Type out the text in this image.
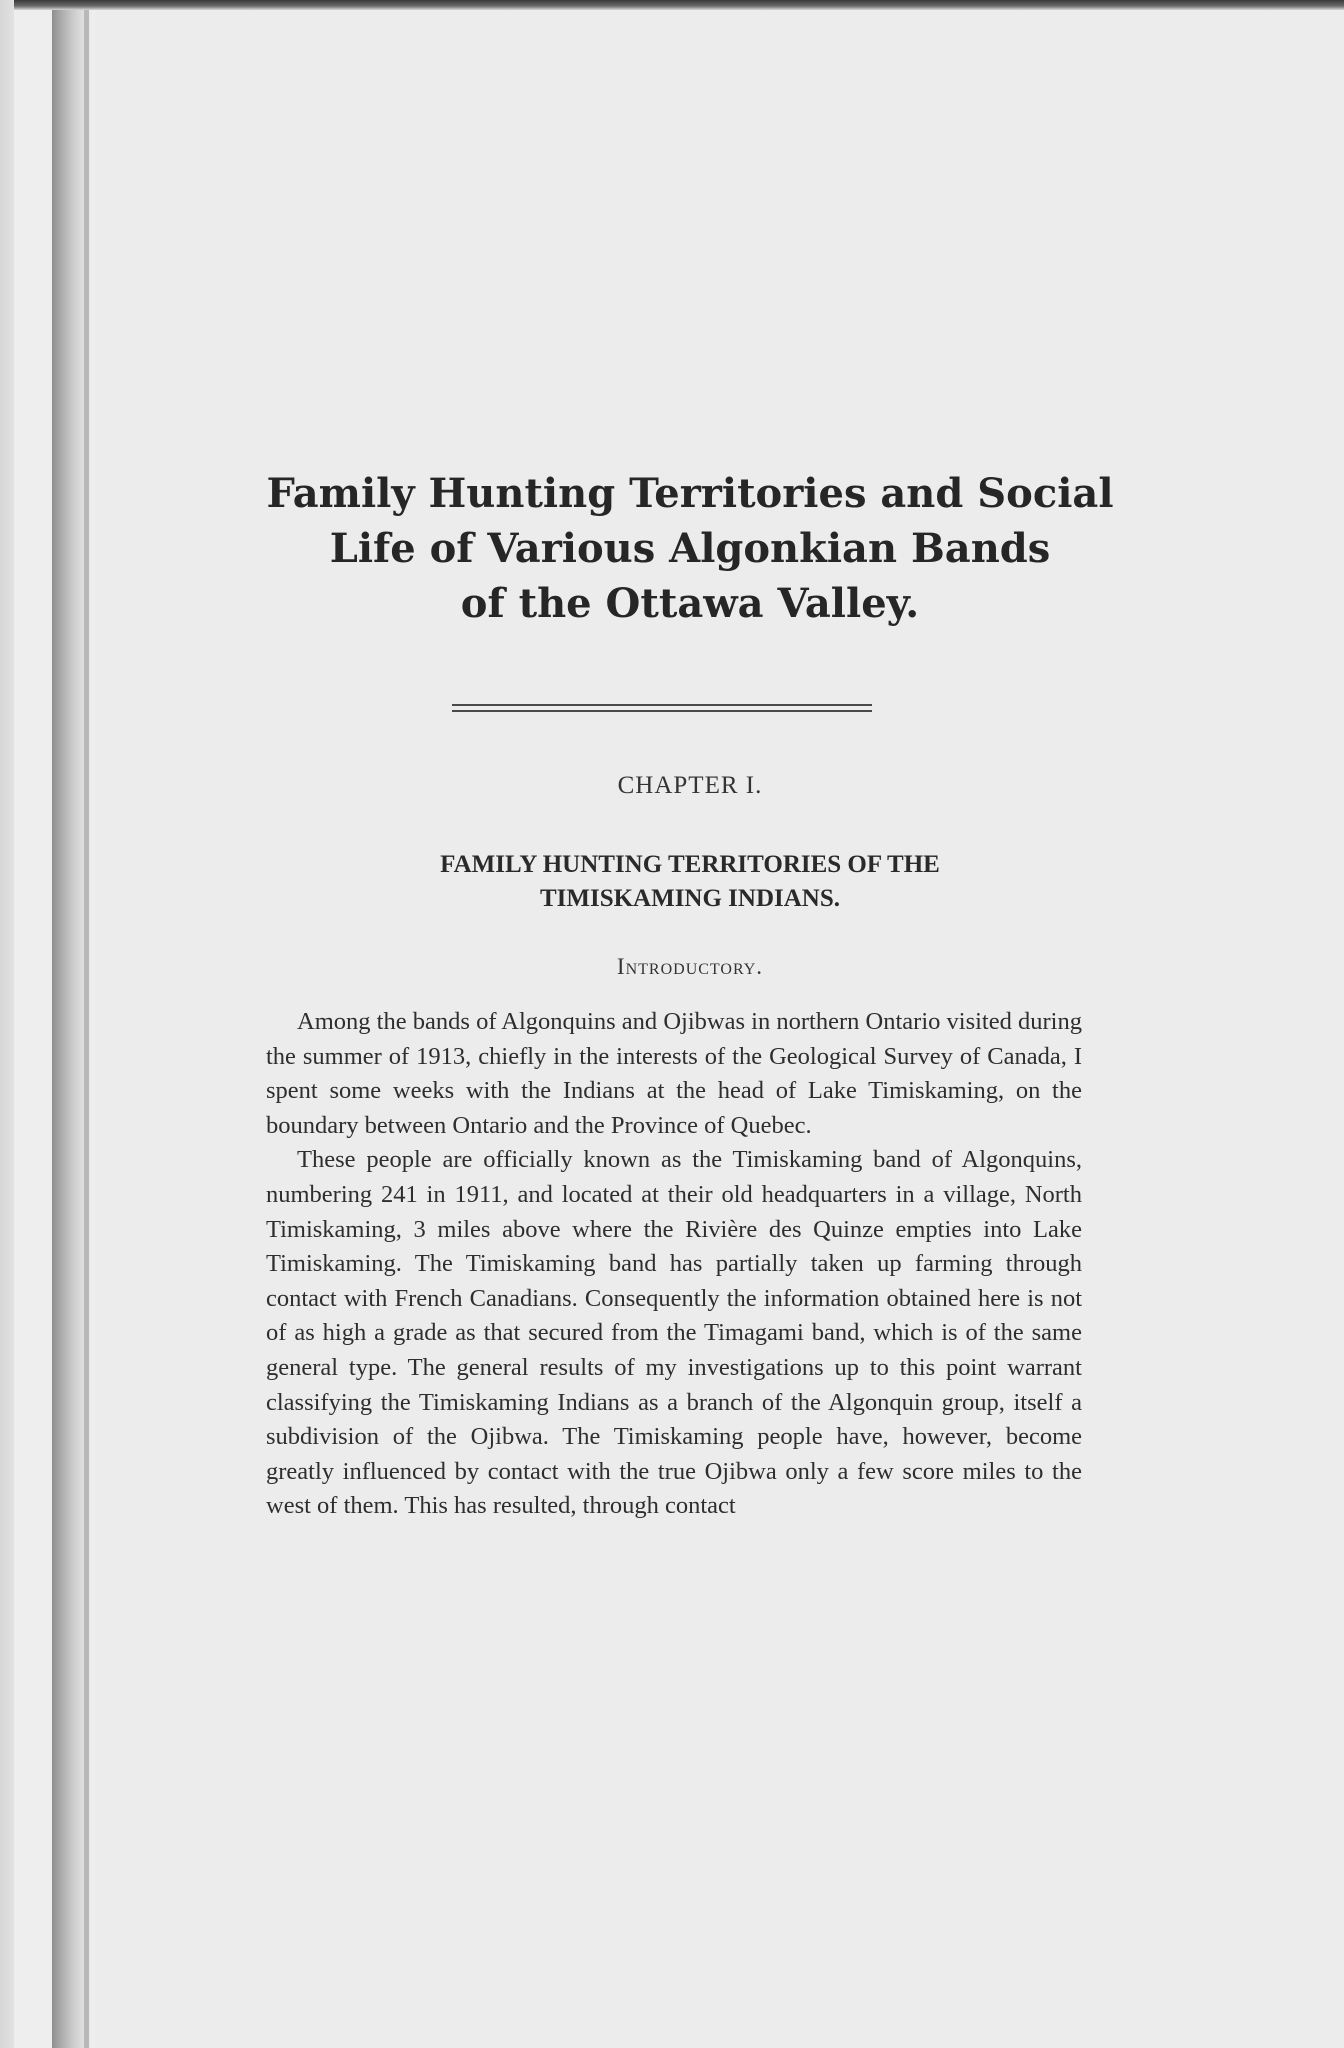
Family Hunting Territories and Social
Life of Various Algonkian Bands
of the Ottawa Valley.
CHAPTER I.
FAMILY HUNTING TERRITORIES OF THE
TIMISKAMING INDIANS.
Introductory.

Among the bands of Algonquins and Ojibwas in northern Ontario visited during the summer of 1913, chiefly in the interests of the Geological Survey of Canada, I spent some weeks with the Indians at the head of Lake Timiskaming, on the boundary between Ontario and the Province of Quebec.

These people are officially known as the Timiskaming band of Algonquins, numbering 241 in 1911, and located at their old headquarters in a village, North Timiskaming, 3 miles above where the Rivière des Quinze empties into Lake Timiskaming. The Timiskaming band has partially taken up farming through contact with French Canadians. Consequently the information obtained here is not of as high a grade as that secured from the Timagami band, which is of the same general type. The general results of my investigations up to this point warrant classifying the Timiskaming Indians as a branch of the Algonquin group, itself a subdivision of the Ojibwa. The Timiskaming people have, however, become greatly influenced by contact with the true Ojibwa only a few score miles to the west of them. This has resulted, through contact
